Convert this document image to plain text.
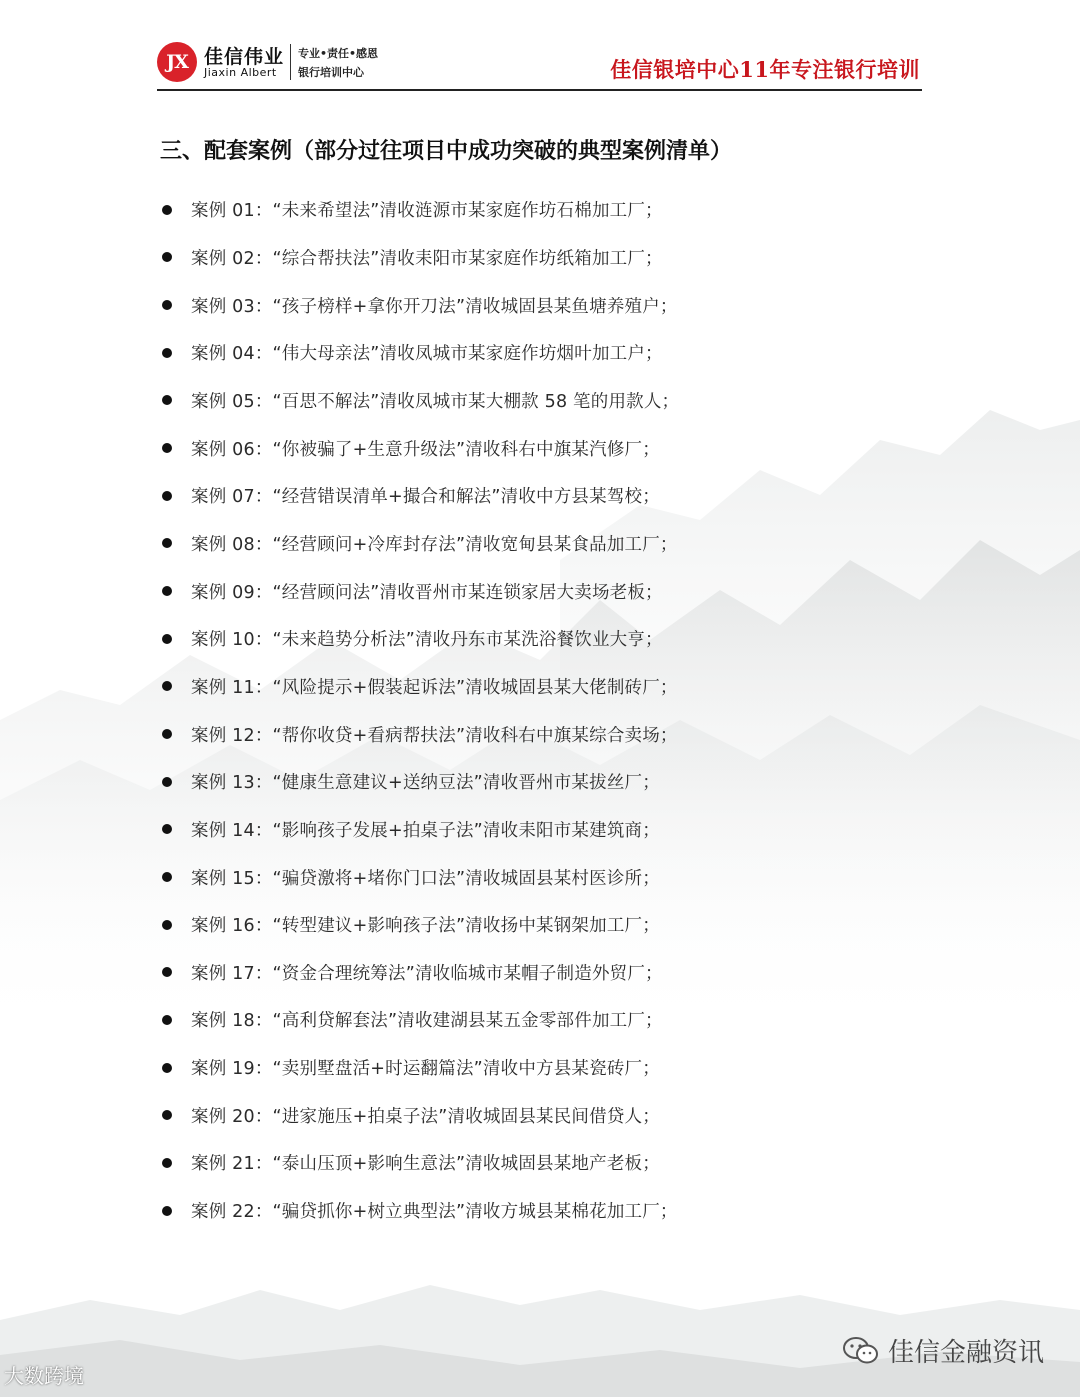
JX 佳信伟业
Jiaxin Albert
专业•责任•感恩
银行培训中心	佳信银培中心11年专注银行培训
三、配套案例（部分过往项目中成功突破的典型案例清单）
案例 01：“未来希望法”清收涟源市某家庭作坊石棉加工厂；
案例 02：“综合帮扶法”清收耒阳市某家庭作坊纸箱加工厂；
案例 03：“孩子榜样+拿你开刀法”清收城固县某鱼塘养殖户；
案例 04：“伟大母亲法”清收凤城市某家庭作坊烟叶加工户；
案例 05：“百思不解法”清收凤城市某大棚款 58 笔的用款人；
案例 06：“你被骗了+生意升级法”清收科右中旗某汽修厂；
案例 07：“经营错误清单+撮合和解法”清收中方县某驾校；
案例 08：“经营顾问+冷库封存法”清收宽甸县某食品加工厂；
案例 09：“经营顾问法”清收晋州市某连锁家居大卖场老板；
案例 10：“未来趋势分析法”清收丹东市某洗浴餐饮业大亨；
案例 11：“风险提示+假装起诉法”清收城固县某大佬制砖厂；
案例 12：“帮你收贷+看病帮扶法”清收科右中旗某综合卖场；
案例 13：“健康生意建议+送纳豆法”清收晋州市某拔丝厂；
案例 14：“影响孩子发展+拍桌子法”清收耒阳市某建筑商；
案例 15：“骗贷激将+堵你门口法”清收城固县某村医诊所；
案例 16：“转型建议+影响孩子法”清收扬中某钢架加工厂；
案例 17：“资金合理统筹法”清收临城市某帽子制造外贸厂；
案例 18：“高利贷解套法”清收建湖县某五金零部件加工厂；
案例 19：“卖别墅盘活+时运翻篇法”清收中方县某瓷砖厂；
案例 20：“进家施压+拍桌子法”清收城固县某民间借贷人；
案例 21：“泰山压顶+影响生意法”清收城固县某地产老板；
案例 22：“骗贷抓你+树立典型法”清收方城县某棉花加工厂；
大数跨境
佳信金融资讯
